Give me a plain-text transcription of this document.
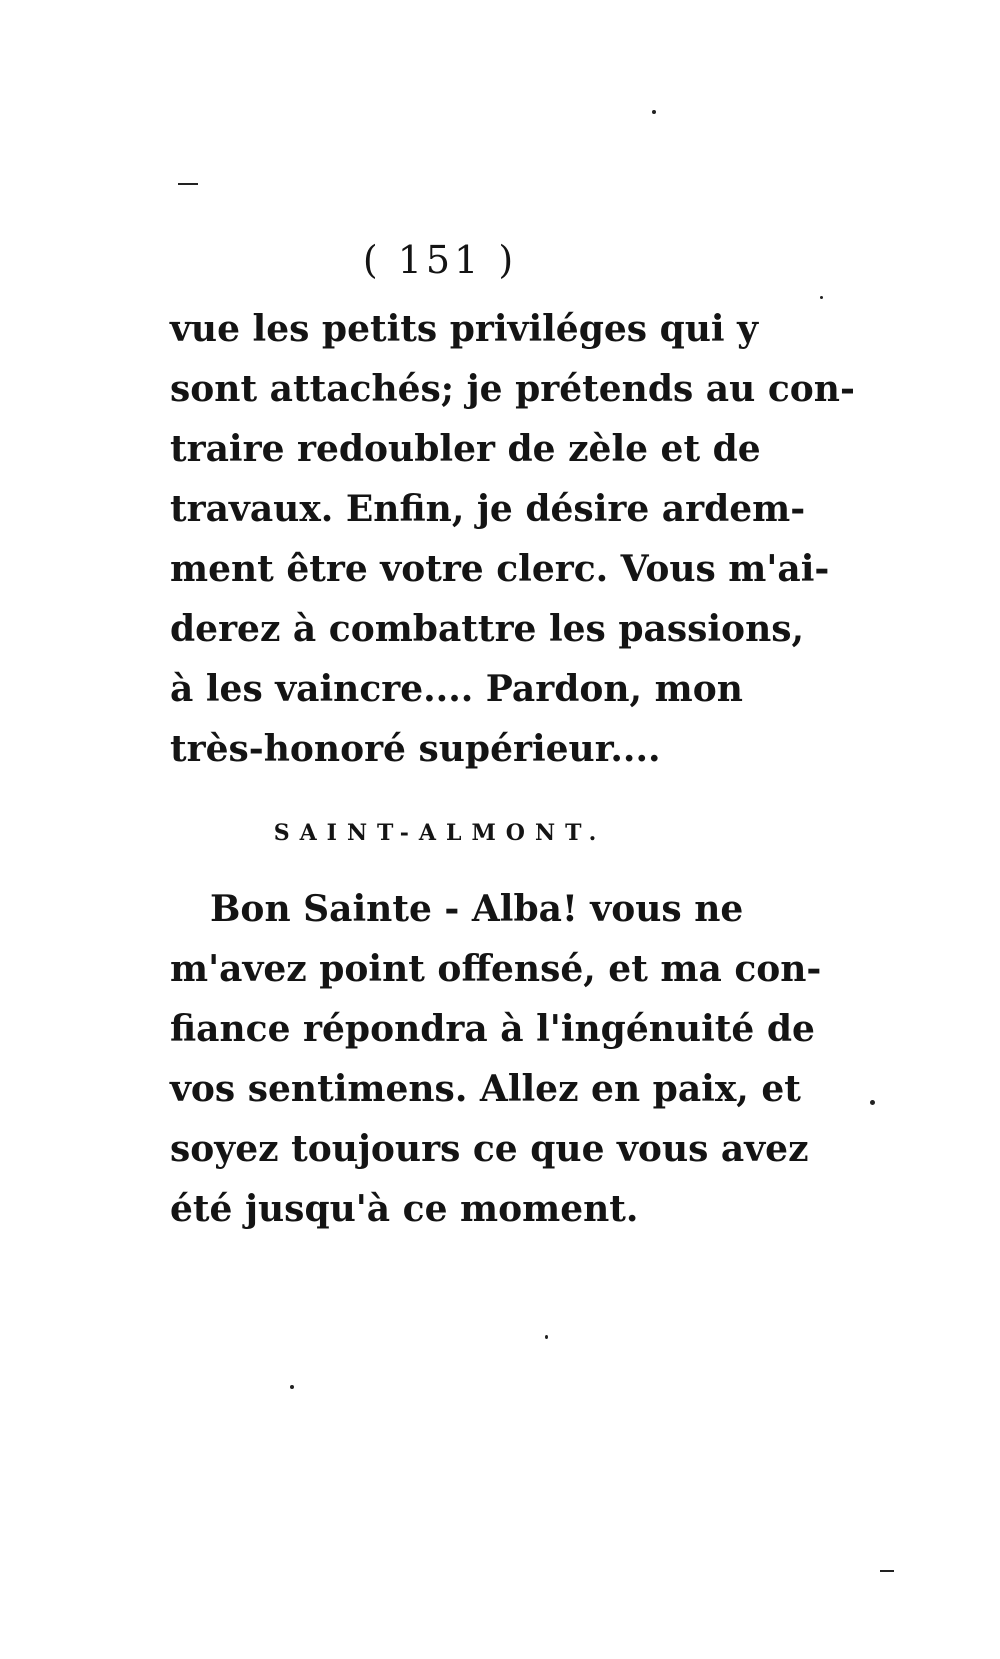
( 151 )
vue les petits priviléges qui y
sont attachés; je prétends au con-
traire redoubler de zèle et de
travaux. Enfin, je désire ardem-
ment être votre clerc. Vous m'ai-
derez à combattre les passions,
à les vaincre.... Pardon, mon
très-honoré supérieur....
SAINT-ALMONT.
Bon Sainte - Alba! vous ne
m'avez point offensé, et ma con-
fiance répondra à l'ingénuité de
vos sentimens. Allez en paix, et
soyez toujours ce que vous avez
été jusqu'à ce moment.
